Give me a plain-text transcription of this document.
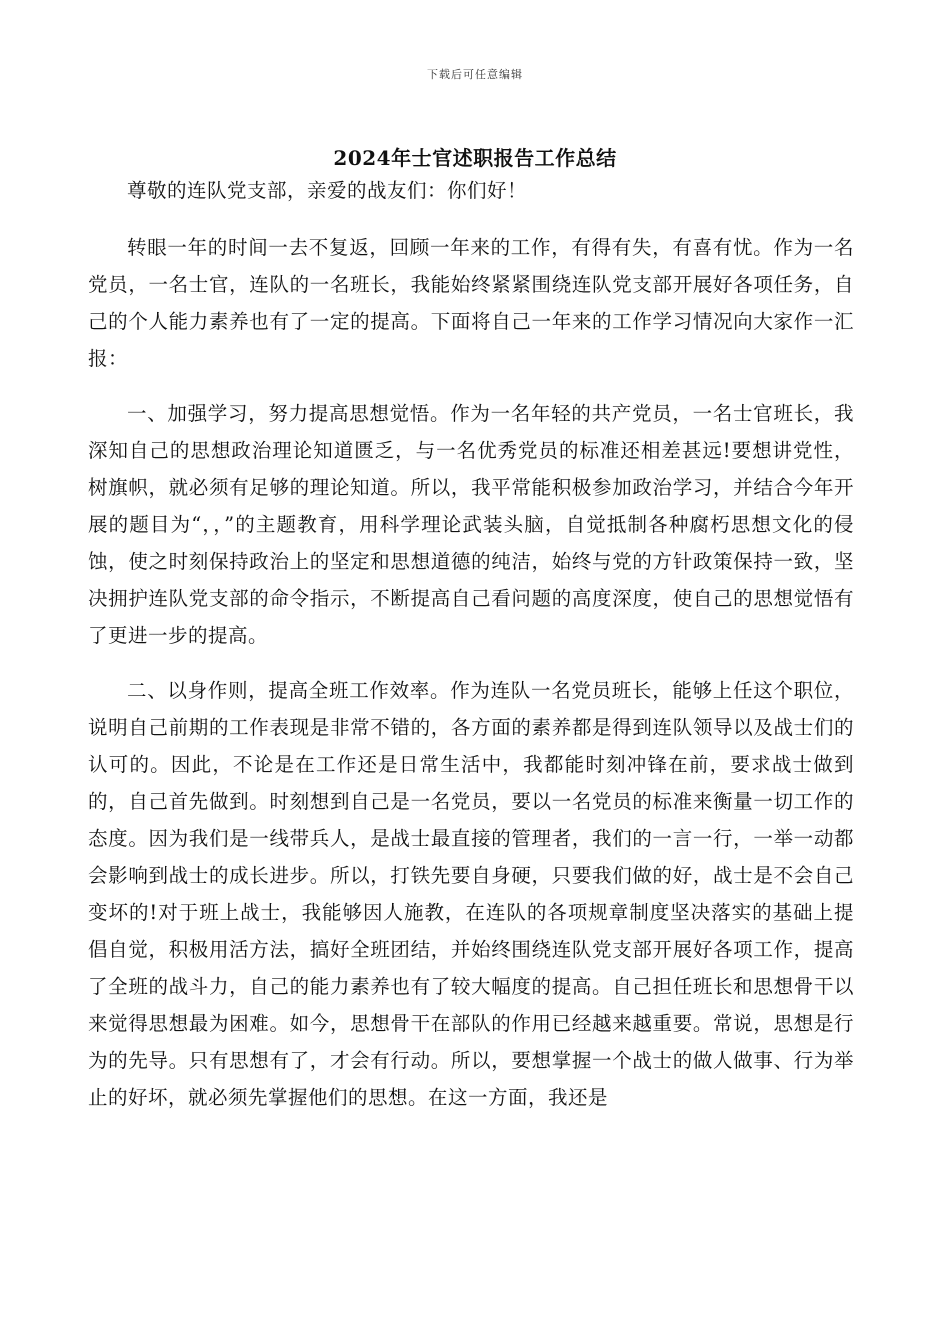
下载后可任意编辑
2024年士官述职报告工作总结

尊敬的连队党支部，亲爱的战友们：你们好！

转眼一年的时间一去不复返，回顾一年来的工作，有得有失，有喜有忧。作为一名党员，一名士官，连队的一名班长，我能始终紧紧围绕连队党支部开展好各项任务，自己的个人能力素养也有了一定的提高。下面将自己一年来的工作学习情况向大家作一汇报：

一、加强学习，努力提高思想觉悟。作为一名年轻的共产党员，一名士官班长，我深知自己的思想政治理论知道匮乏，与一名优秀党员的标准还相差甚远!要想讲党性，树旗帜，就必须有足够的理论知道。所以，我平常能积极参加政治学习，并结合今年开展的题目为“，，”的主题教育，用科学理论武装头脑，自觉抵制各种腐朽思想文化的侵蚀，使之时刻保持政治上的坚定和思想道德的纯洁，始终与党的方针政策保持一致，坚决拥护连队党支部的命令指示，不断提高自己看问题的高度深度，使自己的思想觉悟有了更进一步的提高。

二、以身作则，提高全班工作效率。作为连队一名党员班长，能够上任这个职位，说明自己前期的工作表现是非常不错的，各方面的素养都是得到连队领导以及战士们的认可的。因此，不论是在工作还是日常生活中，我都能时刻冲锋在前，要求战士做到的，自己首先做到。时刻想到自己是一名党员，要以一名党员的标准来衡量一切工作的态度。因为我们是一线带兵人，是战士最直接的管理者，我们的一言一行，一举一动都会影响到战士的成长进步。所以，打铁先要自身硬，只要我们做的好，战士是不会自己变坏的!对于班上战士，我能够因人施教，在连队的各项规章制度坚决落实的基础上提倡自觉，积极用活方法，搞好全班团结，并始终围绕连队党支部开展好各项工作，提高了全班的战斗力，自己的能力素养也有了较大幅度的提高。自己担任班长和思想骨干以来觉得思想最为困难。如今，思想骨干在部队的作用已经越来越重要。常说，思想是行为的先导。只有思想有了，才会有行动。所以，要想掌握一个战士的做人做事、行为举止的好坏，就必须先掌握他们的思想。在这一方面，我还是
